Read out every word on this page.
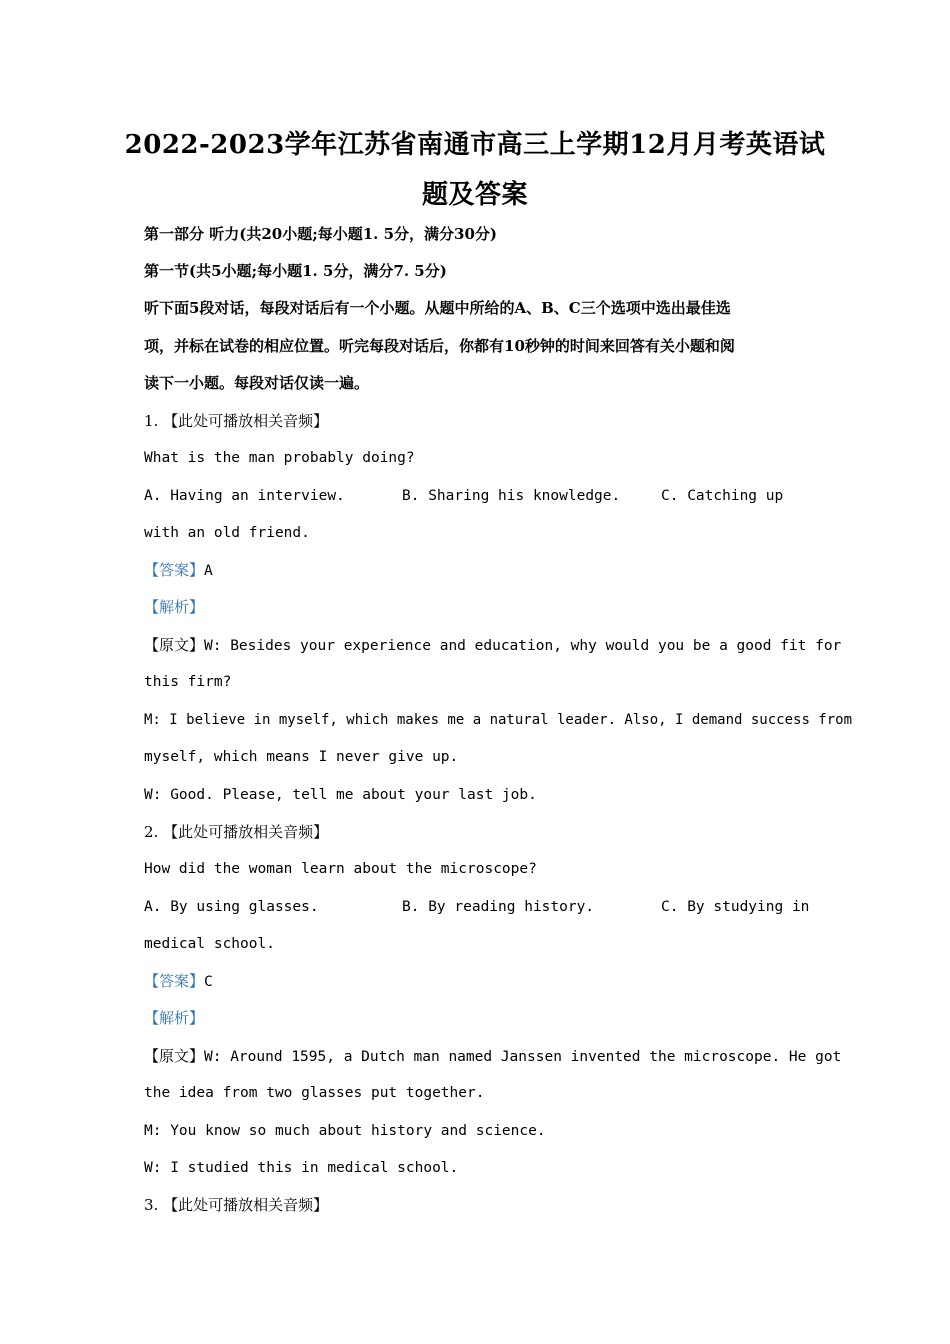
2022-2023学年江苏省南通市高三上学期12月月考英语试
题及答案
第一部分 听力(共20小题;每小题1. 5分，满分30分)
第一节(共5小题;每小题1. 5分，满分7. 5分)
听下面5段对话，每段对话后有一个小题。从题中所给的A、B、C三个选项中选出最佳选
项，并标在试卷的相应位置。听完每段对话后，你都有10秒钟的时间来回答有关小题和阅
读下一小题。每段对话仅读一遍。
1. 【此处可播放相关音频】
What is the man probably doing?
A. Having an interview.	B. Sharing his knowledge.	C. Catching up
with an old friend.
【答案】A
【解析】
【原文】W: Besides your experience and education, why would you be a good fit for
this firm?
M: I believe in myself, which makes me a natural leader. Also, I demand success from
myself, which means I never give up.
W: Good. Please, tell me about your last job.
2. 【此处可播放相关音频】
How did the woman learn about the microscope?
A. By using glasses.	B. By reading history.	C. By studying in
medical school.
【答案】C
【解析】
【原文】W: Around 1595, a Dutch man named Janssen invented the microscope. He got
the idea from two glasses put together.
M: You know so much about history and science.
W: I studied this in medical school.
3. 【此处可播放相关音频】
